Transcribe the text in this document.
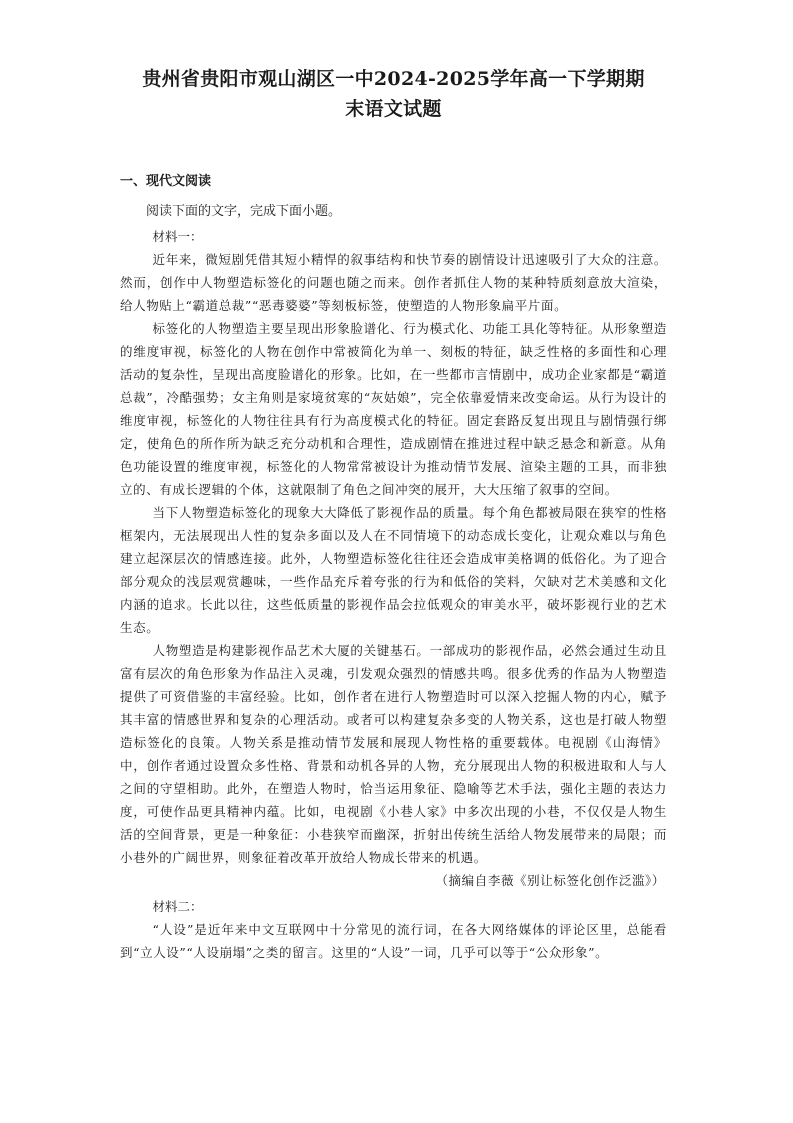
贵州省贵阳市观山湖区一中2024-2025学年高一下学期期
末语文试题
一、现代文阅读
阅读下面的文字，完成下面小题。
材料一：

近年来，微短剧凭借其短小精悍的叙事结构和快节奏的剧情设计迅速吸引了大众的注意。然而，创作中人物塑造标签化的问题也随之而来。创作者抓住人物的某种特质刻意放大渲染，给人物贴上“霸道总裁”“恶毒婆婆”等刻板标签，使塑造的人物形象扁平片面。

标签化的人物塑造主要呈现出形象脸谱化、行为模式化、功能工具化等特征。从形象塑造的维度审视，标签化的人物在创作中常被简化为单一、刻板的特征，缺乏性格的多面性和心理活动的复杂性，呈现出高度脸谱化的形象。比如，在一些都市言情剧中，成功企业家都是“霸道总裁”，冷酷强势；女主角则是家境贫寒的“灰姑娘”，完全依靠爱情来改变命运。从行为设计的维度审视，标签化的人物往往具有行为高度模式化的特征。固定套路反复出现且与剧情强行绑定，使角色的所作所为缺乏充分动机和合理性，造成剧情在推进过程中缺乏悬念和新意。从角色功能设置的维度审视，标签化的人物常常被设计为推动情节发展、渲染主题的工具，而非独立的、有成长逻辑的个体，这就限制了角色之间冲突的展开，大大压缩了叙事的空间。

当下人物塑造标签化的现象大大降低了影视作品的质量。每个角色都被局限在狭窄的性格框架内，无法展现出人性的复杂多面以及人在不同情境下的动态成长变化，让观众难以与角色建立起深层次的情感连接。此外，人物塑造标签化往往还会造成审美格调的低俗化。为了迎合部分观众的浅层观赏趣味，一些作品充斥着夸张的行为和低俗的笑料，欠缺对艺术美感和文化内涵的追求。长此以往，这些低质量的影视作品会拉低观众的审美水平，破坏影视行业的艺术生态。

人物塑造是构建影视作品艺术大厦的关键基石。一部成功的影视作品，必然会通过生动且富有层次的角色形象为作品注入灵魂，引发观众强烈的情感共鸣。很多优秀的作品为人物塑造提供了可资借鉴的丰富经验。比如，创作者在进行人物塑造时可以深入挖掘人物的内心，赋予其丰富的情感世界和复杂的心理活动。或者可以构建复杂多变的人物关系，这也是打破人物塑造标签化的良策。人物关系是推动情节发展和展现人物性格的重要载体。电视剧《山海情》中，创作者通过设置众多性格、背景和动机各异的人物，充分展现出人物的积极进取和人与人之间的守望相助。此外，在塑造人物时，恰当运用象征、隐喻等艺术手法，强化主题的表达力度，可使作品更具精神内蕴。比如，电视剧《小巷人家》中多次出现的小巷，不仅仅是人物生活的空间背景，更是一种象征：小巷狭窄而幽深，折射出传统生活给人物发展带来的局限；而小巷外的广阔世界，则象征着改革开放给人物成长带来的机遇。

（摘编自李薇《别让标签化创作泛滥》）
材料二：

“人设”是近年来中文互联网中十分常见的流行词，在各大网络媒体的评论区里，总能看到“立人设”“人设崩塌”之类的留言。这里的“人设”一词，几乎可以等于“公众形象”。
